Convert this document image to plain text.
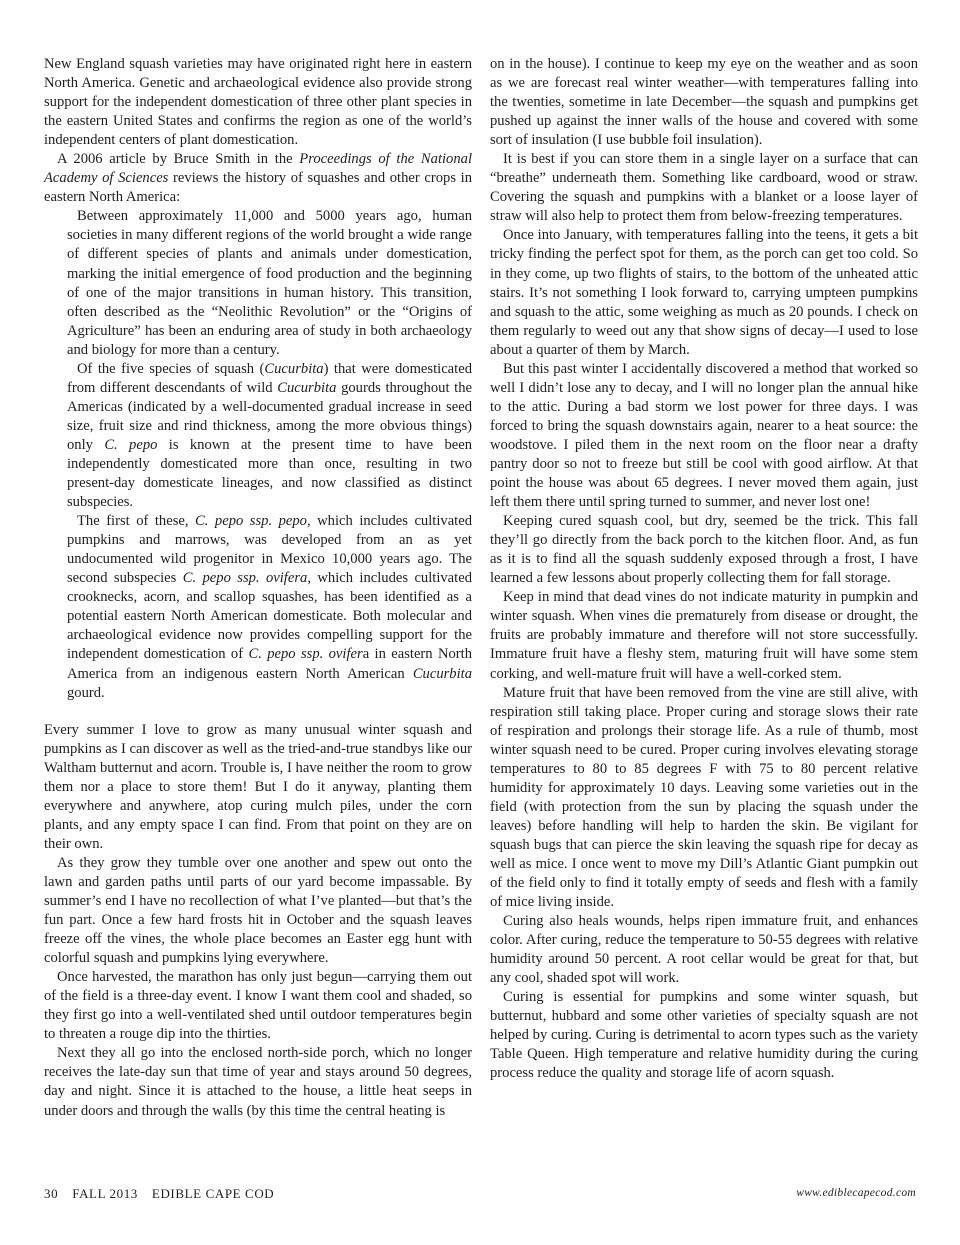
New England squash varieties may have originated right here in eastern North America. Genetic and archaeological evidence also provide strong support for the independent domestication of three other plant species in the eastern United States and confirms the region as one of the world’s independent centers of plant domestication.

A 2006 article by Bruce Smith in the Proceedings of the National Academy of Sciences reviews the history of squashes and other crops in eastern North America:

Between approximately 11,000 and 5000 years ago, human societies in many different regions of the world brought a wide range of different species of plants and animals under domestication, marking the initial emergence of food production and the beginning of one of the major transitions in human history. This transition, often described as the “Neolithic Revolution” or the “Origins of Agriculture” has been an enduring area of study in both archaeology and biology for more than a century.

Of the five species of squash (Cucurbita) that were domesticated from different descendants of wild Cucurbita gourds throughout the Americas (indicated by a well-documented gradual increase in seed size, fruit size and rind thickness, among the more obvious things) only C. pepo is known at the present time to have been independently domesticated more than once, resulting in two present-day domesticate lineages, and now classified as distinct subspecies.

The first of these, C. pepo ssp. pepo, which includes cultivated pumpkins and marrows, was developed from an as yet undocumented wild progenitor in Mexico 10,000 years ago. The second subspecies C. pepo ssp. ovifera, which includes cultivated crooknecks, acorn, and scallop squashes, has been identified as a potential eastern North American domesticate. Both molecular and archaeological evidence now provides compelling support for the independent domestication of C. pepo ssp. ovifera in eastern North America from an indigenous eastern North American Cucurbita gourd.

Every summer I love to grow as many unusual winter squash and pumpkins as I can discover as well as the tried-and-true standbys like our Waltham butternut and acorn. Trouble is, I have neither the room to grow them nor a place to store them! But I do it anyway, planting them everywhere and anywhere, atop curing mulch piles, under the corn plants, and any empty space I can find. From that point on they are on their own.

As they grow they tumble over one another and spew out onto the lawn and garden paths until parts of our yard become impassable. By summer’s end I have no recollection of what I’ve planted—but that’s the fun part. Once a few hard frosts hit in October and the squash leaves freeze off the vines, the whole place becomes an Easter egg hunt with colorful squash and pumpkins lying everywhere.

Once harvested, the marathon has only just begun—carrying them out of the field is a three-day event. I know I want them cool and shaded, so they first go into a well-ventilated shed until outdoor temperatures begin to threaten a rouge dip into the thirties.

Next they all go into the enclosed north-side porch, which no longer receives the late-day sun that time of year and stays around 50 degrees, day and night. Since it is attached to the house, a little heat seeps in under doors and through the walls (by this time the central heating is

on in the house). I continue to keep my eye on the weather and as soon as we are forecast real winter weather—with temperatures falling into the twenties, sometime in late December—the squash and pumpkins get pushed up against the inner walls of the house and covered with some sort of insulation (I use bubble foil insulation).

It is best if you can store them in a single layer on a surface that can “breathe” underneath them. Something like cardboard, wood or straw. Covering the squash and pumpkins with a blanket or a loose layer of straw will also help to protect them from below-freezing temperatures.

Once into January, with temperatures falling into the teens, it gets a bit tricky finding the perfect spot for them, as the porch can get too cold. So in they come, up two flights of stairs, to the bottom of the unheated attic stairs. It’s not something I look forward to, carrying umpteen pumpkins and squash to the attic, some weighing as much as 20 pounds. I check on them regularly to weed out any that show signs of decay—I used to lose about a quarter of them by March.

But this past winter I accidentally discovered a method that worked so well I didn’t lose any to decay, and I will no longer plan the annual hike to the attic. During a bad storm we lost power for three days. I was forced to bring the squash downstairs again, nearer to a heat source: the woodstove. I piled them in the next room on the floor near a drafty pantry door so not to freeze but still be cool with good airflow. At that point the house was about 65 degrees. I never moved them again, just left them there until spring turned to summer, and never lost one!

Keeping cured squash cool, but dry, seemed be the trick. This fall they’ll go directly from the back porch to the kitchen floor. And, as fun as it is to find all the squash suddenly exposed through a frost, I have learned a few lessons about properly collecting them for fall storage.

Keep in mind that dead vines do not indicate maturity in pumpkin and winter squash. When vines die prematurely from disease or drought, the fruits are probably immature and therefore will not store successfully. Immature fruit have a fleshy stem, maturing fruit will have some stem corking, and well-mature fruit will have a well-corked stem.

Mature fruit that have been removed from the vine are still alive, with respiration still taking place. Proper curing and storage slows their rate of respiration and prolongs their storage life. As a rule of thumb, most winter squash need to be cured. Proper curing involves elevating storage temperatures to 80 to 85 degrees F with 75 to 80 percent relative humidity for approximately 10 days. Leaving some varieties out in the field (with protection from the sun by placing the squash under the leaves) before handling will help to harden the skin. Be vigilant for squash bugs that can pierce the skin leaving the squash ripe for decay as well as mice. I once went to move my Dill’s Atlantic Giant pumpkin out of the field only to find it totally empty of seeds and flesh with a family of mice living inside.

Curing also heals wounds, helps ripen immature fruit, and enhances color. After curing, reduce the temperature to 50-55 degrees with relative humidity around 50 percent. A root cellar would be great for that, but any cool, shaded spot will work.

Curing is essential for pumpkins and some winter squash, but butternut, hubbard and some other varieties of specialty squash are not helped by curing. Curing is detrimental to acorn types such as the variety Table Queen. High temperature and relative humidity during the curing process reduce the quality and storage life of acorn squash.

30 FALL 2013 EDIBLE CAPE COD	www.ediblecapecod.com
